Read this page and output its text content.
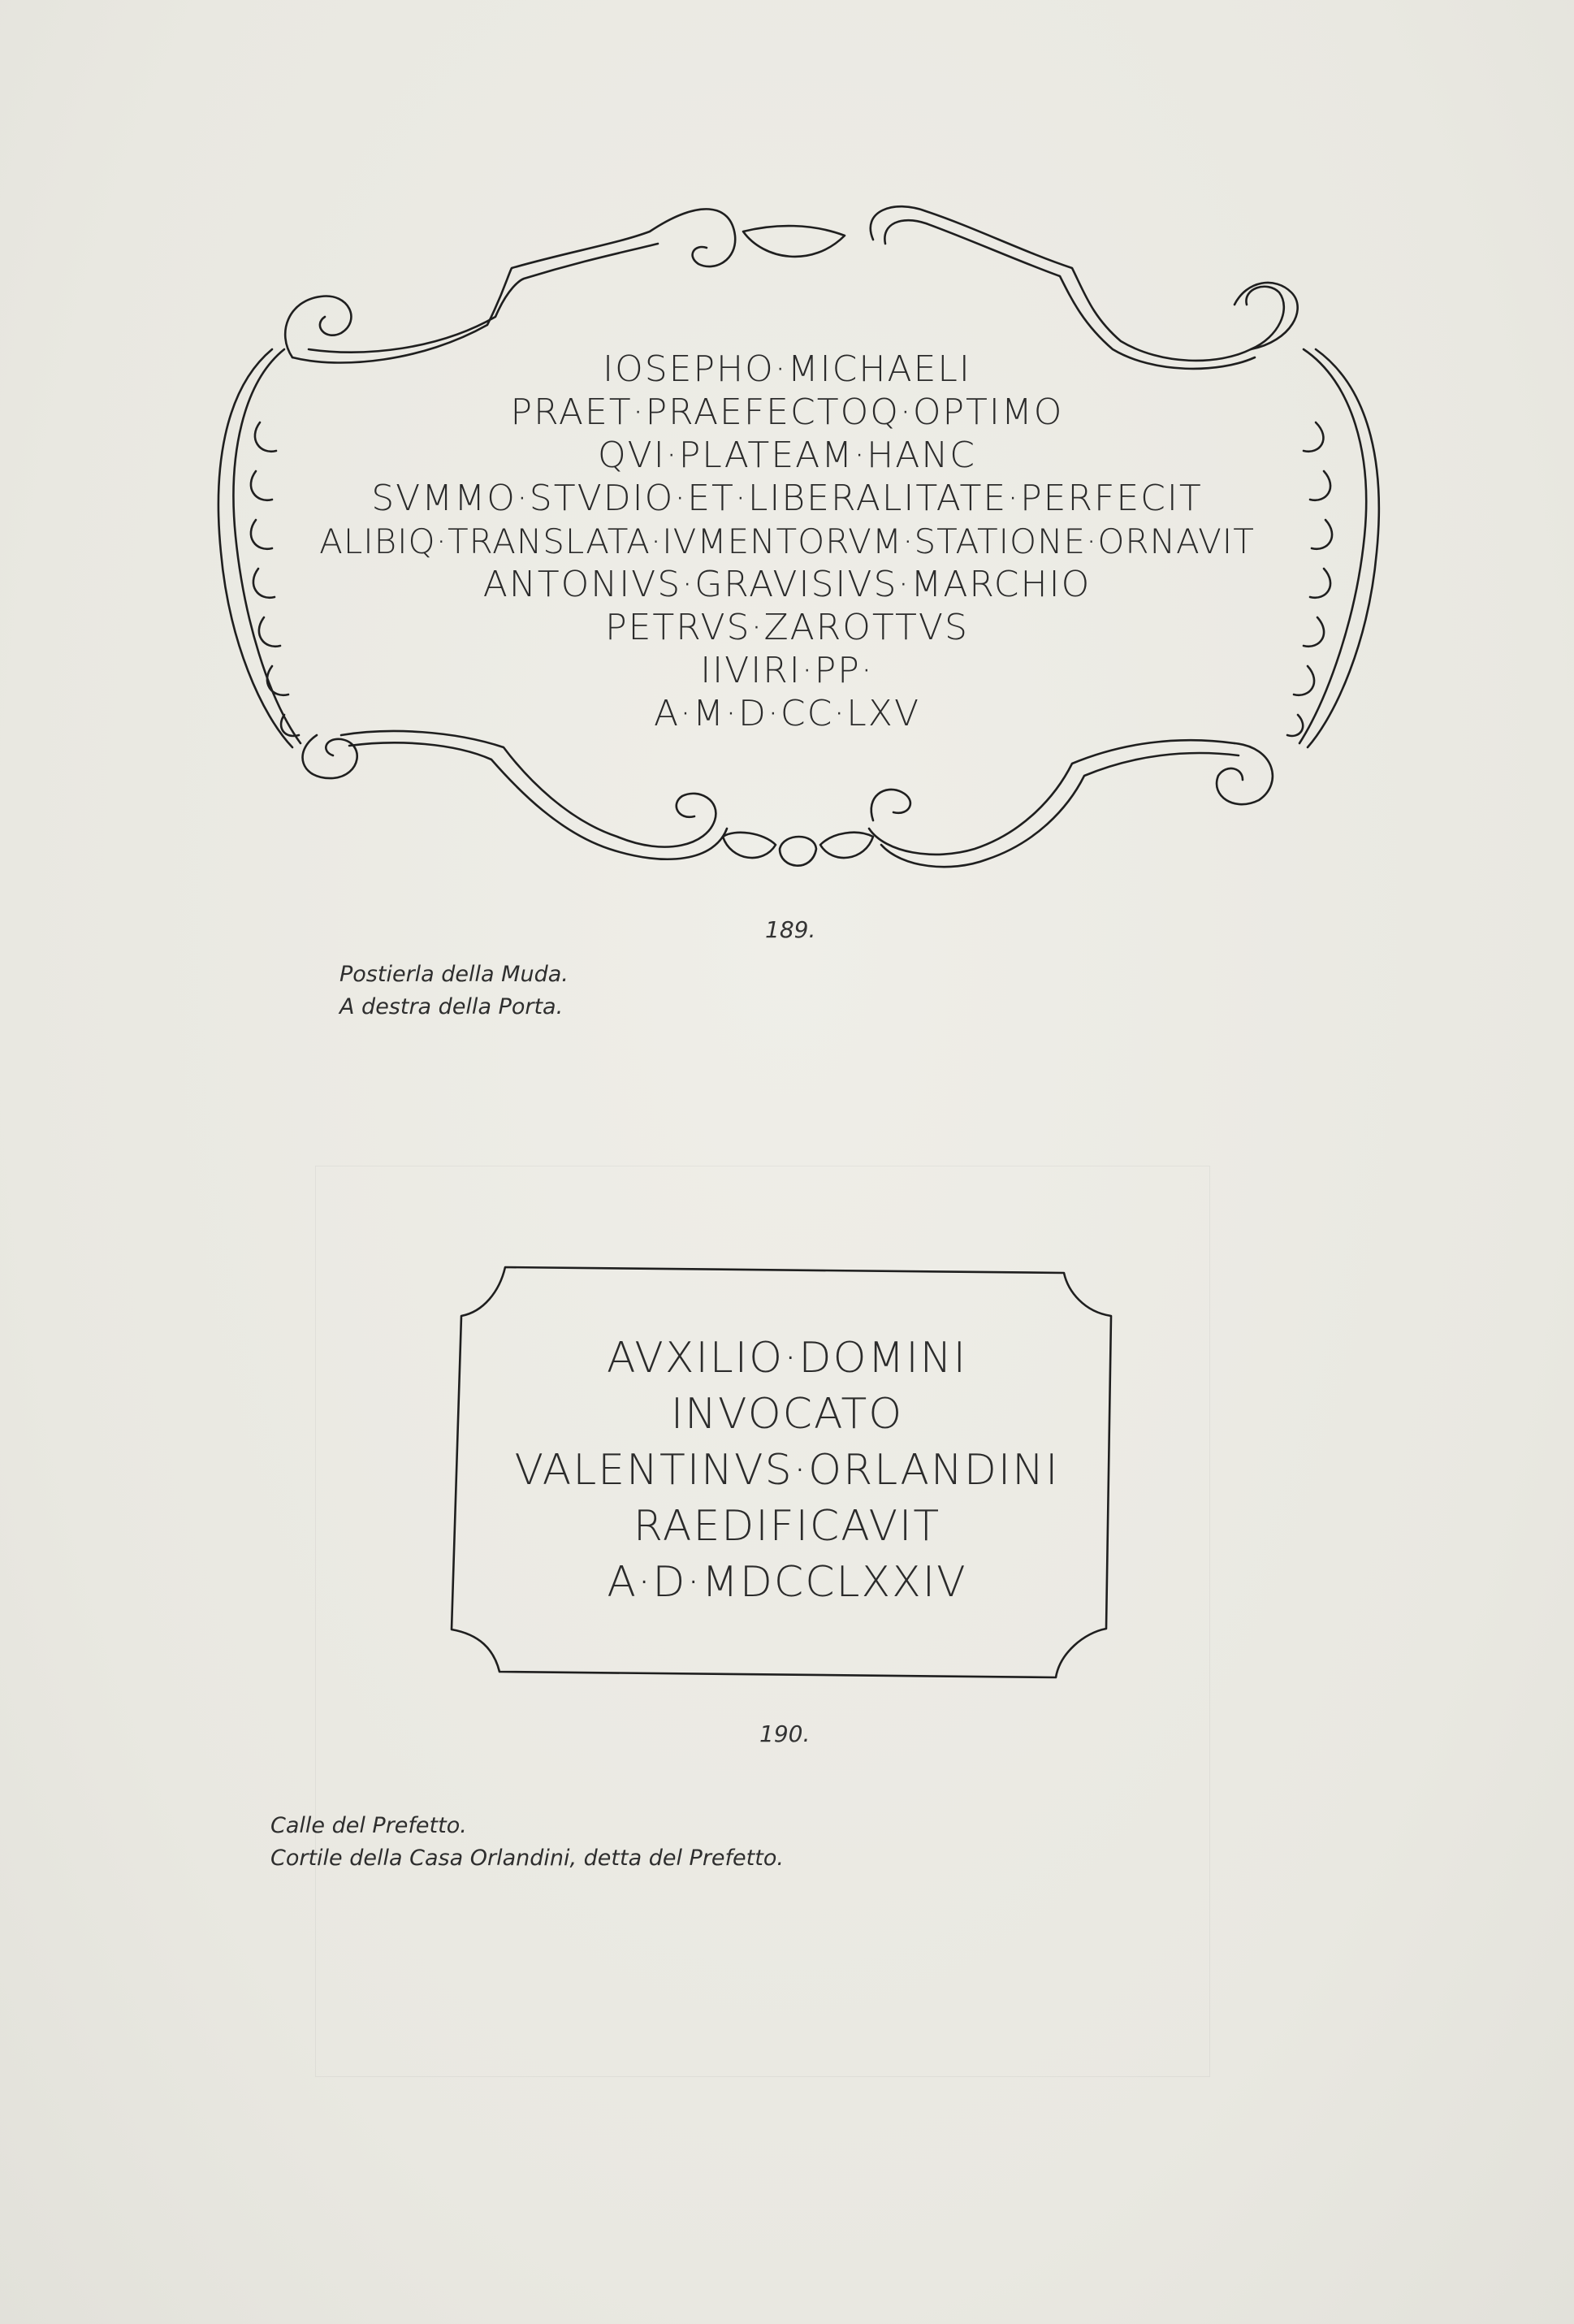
IOSEPHO·MICHAELI
PRAET·PRAEFECTOQ·OPTIMO
QVI·PLATEAM·HANC
SVMMO·STVDIO·ET·LIBERALITATE·PERFECIT
ALIBIQ·TRANSLATA·IVMENTORVM·STATIONE·ORNAVIT
ANTONIVS·GRAVISIVS·MARCHIO
PETRVS·ZAROTTVS
IIVIRI·PP·
A·M·D·CC·LXV
189.
Postierla della Muda.
A destra della Porta.
AVXILIO·DOMINI
INVOCATO
VALENTINVS·ORLANDINI
RAEDIFICAVIT
A·D·MDCCLXXIV
190.
Calle del Prefetto.
Cortile della Casa Orlandini, detta del Prefetto.
